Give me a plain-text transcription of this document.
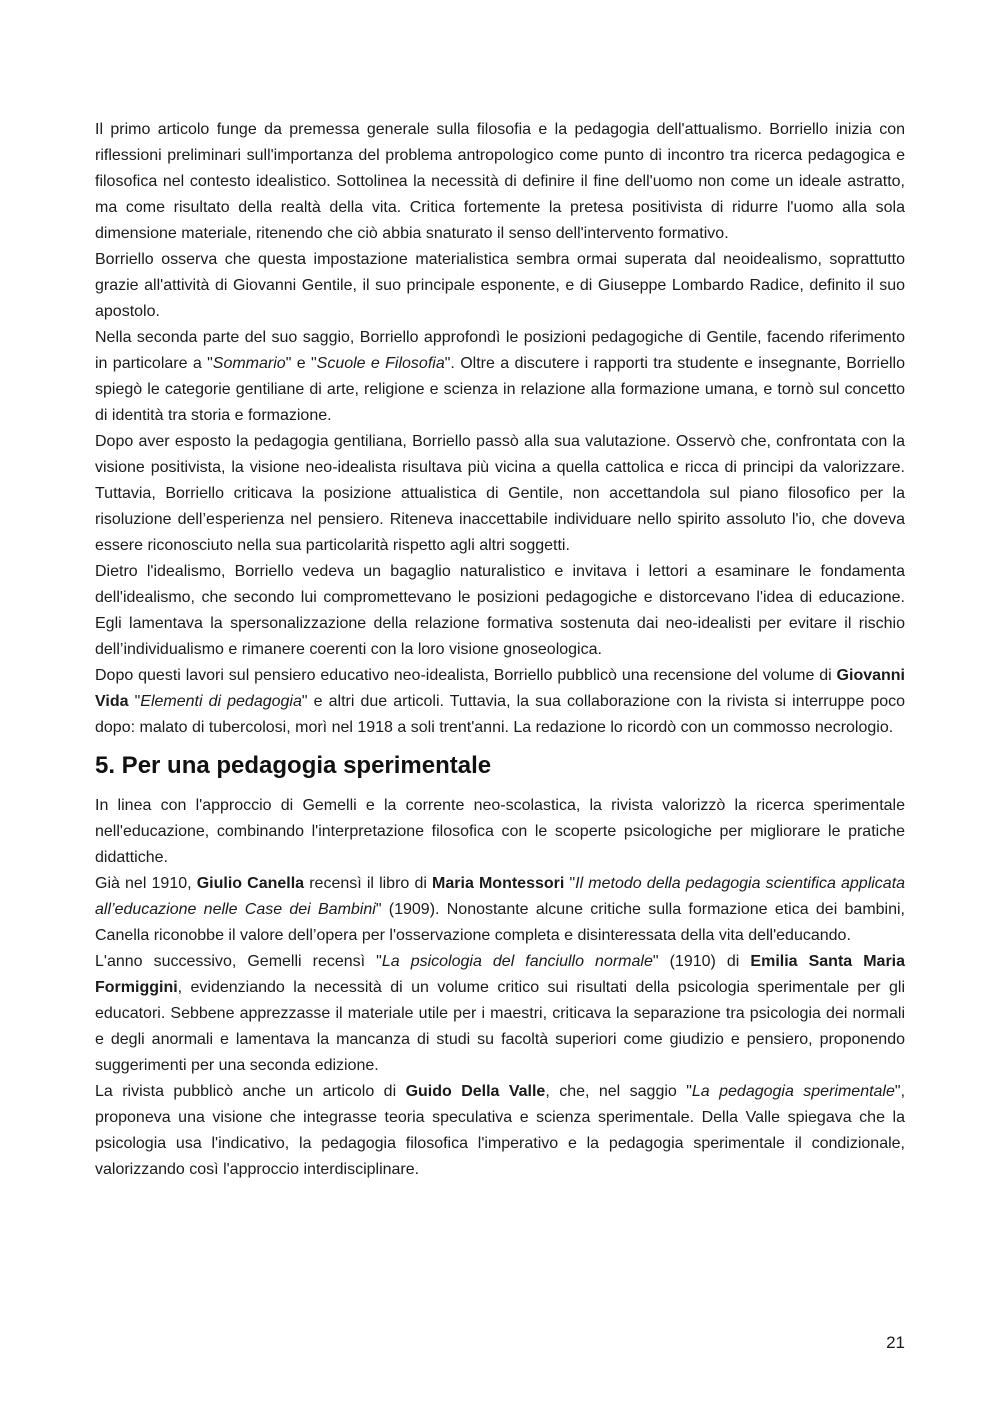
Il primo articolo funge da premessa generale sulla filosofia e la pedagogia dell'attualismo. Borriello inizia con riflessioni preliminari sull'importanza del problema antropologico come punto di incontro tra ricerca pedagogica e filosofica nel contesto idealistico. Sottolinea la necessità di definire il fine dell'uomo non come un ideale astratto, ma come risultato della realtà della vita. Critica fortemente la pretesa positivista di ridurre l'uomo alla sola dimensione materiale, ritenendo che ciò abbia snaturato il senso dell'intervento formativo.

Borriello osserva che questa impostazione materialistica sembra ormai superata dal neoidealismo, soprattutto grazie all'attività di Giovanni Gentile, il suo principale esponente, e di Giuseppe Lombardo Radice, definito il suo apostolo.

Nella seconda parte del suo saggio, Borriello approfondì le posizioni pedagogiche di Gentile, facendo riferimento in particolare a "Sommario" e "Scuole e Filosofia". Oltre a discutere i rapporti tra studente e insegnante, Borriello spiegò le categorie gentiliane di arte, religione e scienza in relazione alla formazione umana, e tornò sul concetto di identità tra storia e formazione.

Dopo aver esposto la pedagogia gentiliana, Borriello passò alla sua valutazione. Osservò che, confrontata con la visione positivista, la visione neo-idealista risultava più vicina a quella cattolica e ricca di principi da valorizzare. Tuttavia, Borriello criticava la posizione attualistica di Gentile, non accettandola sul piano filosofico per la risoluzione dell’esperienza nel pensiero. Riteneva inaccettabile individuare nello spirito assoluto l'io, che doveva essere riconosciuto nella sua particolarità rispetto agli altri soggetti.

Dietro l'idealismo, Borriello vedeva un bagaglio naturalistico e invitava i lettori a esaminare le fondamenta dell'idealismo, che secondo lui compromettevano le posizioni pedagogiche e distorcevano l'idea di educazione. Egli lamentava la spersonalizzazione della relazione formativa sostenuta dai neo-idealisti per evitare il rischio dell’individualismo e rimanere coerenti con la loro visione gnoseologica.

Dopo questi lavori sul pensiero educativo neo-idealista, Borriello pubblicò una recensione del volume di Giovanni Vida "Elementi di pedagogia" e altri due articoli. Tuttavia, la sua collaborazione con la rivista si interruppe poco dopo: malato di tubercolosi, morì nel 1918 a soli trent'anni. La redazione lo ricordò con un commosso necrologio.

5. Per una pedagogia sperimentale

In linea con l'approccio di Gemelli e la corrente neo-scolastica, la rivista valorizzò la ricerca sperimentale nell'educazione, combinando l'interpretazione filosofica con le scoperte psicologiche per migliorare le pratiche didattiche.

Già nel 1910, Giulio Canella recensì il libro di Maria Montessori "Il metodo della pedagogia scientifica applicata all’educazione nelle Case dei Bambini" (1909). Nonostante alcune critiche sulla formazione etica dei bambini, Canella riconobbe il valore dell’opera per l'osservazione completa e disinteressata della vita dell'educando.

L'anno successivo, Gemelli recensì "La psicologia del fanciullo normale" (1910) di Emilia Santa Maria Formiggini, evidenziando la necessità di un volume critico sui risultati della psicologia sperimentale per gli educatori. Sebbene apprezzasse il materiale utile per i maestri, criticava la separazione tra psicologia dei normali e degli anormali e lamentava la mancanza di studi su facoltà superiori come giudizio e pensiero, proponendo suggerimenti per una seconda edizione.

La rivista pubblicò anche un articolo di Guido Della Valle, che, nel saggio "La pedagogia sperimentale", proponeva una visione che integrasse teoria speculativa e scienza sperimentale. Della Valle spiegava che la psicologia usa l'indicativo, la pedagogia filosofica l'imperativo e la pedagogia sperimentale il condizionale, valorizzando così l'approccio interdisciplinare.

21
